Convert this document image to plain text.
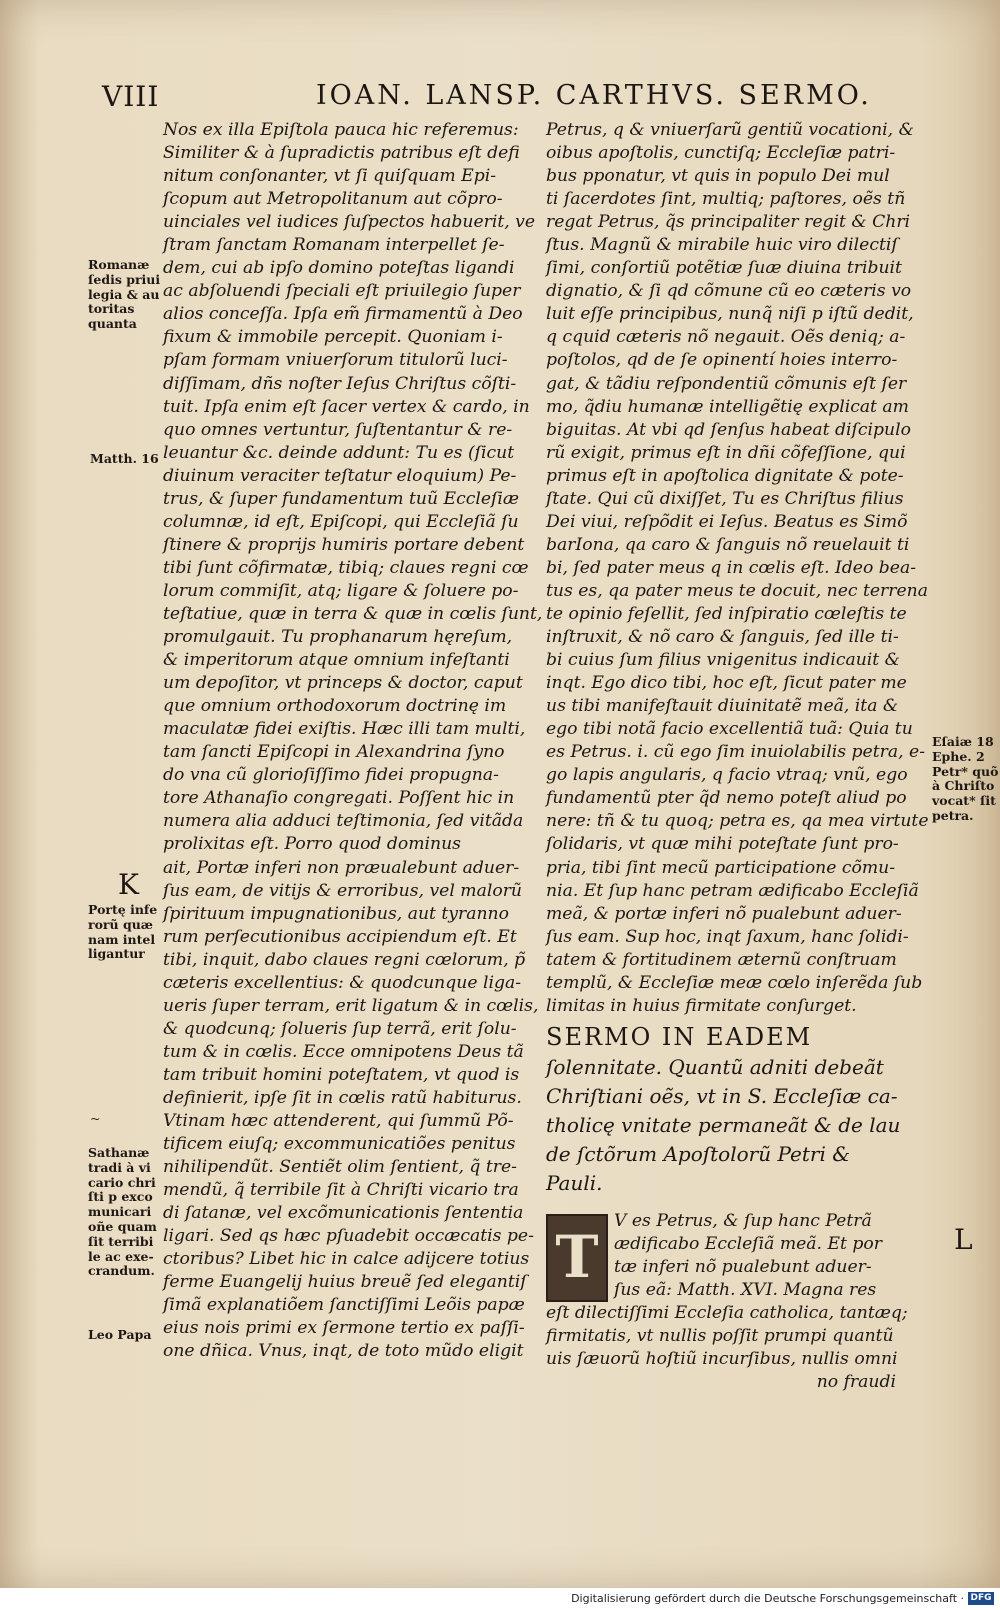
VIII	IOAN. LANSP. CARTHVS. SERMO.
Romanæ
ſedis priui
legia & au
toritas
quanta
Matth. 16
K
Portę infe
rorũ quæ
nam intel
ligantur
~
Sathanæ
tradi à vi
cario chri
ſti p exco
municari
oñe quam
ſit terribi
le ac exe-
crandum.
Leo Papa
Eſaiæ 18
Ephe. 2
Petr* quõ
à Chriſto
vocat* ſit
petra.
L
Nos ex illa Epiſtola pauca hic referemus:
Similiter & à ſupradictis patribus eſt defi
nitum conſonanter, vt ſi quiſquam Epi-
ſcopum aut Metropolitanum aut cõpro-
uinciales vel iudices ſuſpectos habuerit, ve
ſtram ſanctam Romanam interpellet ſe-
dem, cui ab ipſo domino poteſtas ligandi
ac abſoluendi ſpeciali eſt priuilegio ſuper
alios conceſſa. Ipſa em̃ firmamentũ à Deo
fixum & immobile percepit. Quoniam i-
pſam formam vniuerſorum titulorũ luci-
diſſimam, dñs noſter Ieſus Chriſtus cõſti-
tuit. Ipſa enim eſt ſacer vertex & cardo, in
quo omnes vertuntur, ſuſtentantur & re-
leuantur &c. deinde addunt: Tu es (ſicut
diuinum veraciter teſtatur eloquium) Pe-
trus, & ſuper fundamentum tuũ Eccleſiæ
columnæ, id eſt, Epiſcopi, qui Eccleſiã ſu
ſtinere & proprijs humiris portare debent
tibi ſunt cõfirmatæ, tibiq; claues regni cœ
lorum commiſit, atq; ligare & ſoluere po-
teſtatiue, quæ in terra & quæ in cœlis ſunt,
promulgauit. Tu prophanarum hęreſum,
& imperitorum atque omnium infeſtanti
um depoſitor, vt princeps & doctor, caput
que omnium orthodoxorum doctrinę im
maculatæ fidei exiſtis. Hæc illi tam multi,
tam ſancti Epiſcopi in Alexandrina ſyno
do vna cũ glorioſiſſimo fidei propugna-
tore Athanaſio congregati. Poſſent hic in
numera alia adduci teſtimonia, ſed vitãda
prolixitas eſt. Porro quod dominus
ait, Portæ inferi non præualebunt aduer-
ſus eam, de vitijs & erroribus, vel malorũ
ſpirituum impugnationibus, aut tyranno
rum perſecutionibus accipiendum eſt. Et
tibi, inquit, dabo claues regni cœlorum, p̃
cæteris excellentius: & quodcunque liga-
ueris ſuper terram, erit ligatum & in cœlis,
& quodcunq; ſolueris ſup terrã, erit ſolu-
tum & in cœlis. Ecce omnipotens Deus tã
tam tribuit homini poteſtatem, vt quod is
definierit, ipſe ſit in cœlis ratũ habiturus.
Vtinam hæc attenderent, qui ſummũ Põ-
tificem eiuſq; excommunicatiões penitus
nihilipendũt. Sentiẽt olim ſentient, q̃ tre-
mendũ, q̃ terribile ſit à Chriſti vicario tra
di ſatanæ, vel excõmunicationis ſententia
ligari. Sed qs hæc pſuadebit occæcatis pe-
ctoribus? Libet hic in calce adijcere totius
ferme Euangelij huius breuẽ ſed elegantiſ
ſimã explanatiõem ſanctiſſimi Leõis papæ
eius nois primi ex ſermone tertio ex paſſi-
one dñica. Vnus, inqt, de toto mũdo eligit
Petrus, q & vniuerſarũ gentiũ vocationi, &
oibus apoſtolis, cunctiſq; Eccleſiæ patri-
bus pponatur, vt quis in populo Dei mul
ti ſacerdotes ſint, multiq; paſtores, oẽs tñ
regat Petrus, q̃s principaliter regit & Chri
ſtus. Magnũ & mirabile huic viro dilectiſ
ſimi, conſortiũ potẽtiæ ſuæ diuina tribuit
dignatio, & ſi qd cõmune cũ eo cæteris vo
luit eſſe principibus, nunq̃ niſi p iſtũ dedit,
q cquid cæteris nõ negauit. Oẽs deniq; a-
poſtolos, qd de ſe opinentí hoies interro-
gat, & tãdiu reſpondentiũ cõmunis eſt ſer
mo, q̃diu humanæ intelligẽtię explicat am
biguitas. At vbi qd ſenſus habeat diſcipulo
rũ exigit, primus eſt in dñi cõfeſſione, qui
primus eſt in apoſtolica dignitate & pote-
ſtate. Qui cũ dixiſſet, Tu es Chriſtus filius
Dei viui, reſpõdit ei Ieſus. Beatus es Simõ
barIona, qa caro & ſanguis nõ reuelauit ti
bi, ſed pater meus q in cœlis eſt. Ideo bea-
tus es, qa pater meus te docuit, nec terrena
te opinio feſellit, ſed inſpiratio cœleſtis te
inſtruxit, & nõ caro & ſanguis, ſed ille ti-
bi cuius ſum filius vnigenitus indicauit &
inqt. Ego dico tibi, hoc eſt, ſicut pater me
us tibi manifeſtauit diuinitatẽ meã, ita &
ego tibi notã facio excellentiã tuã: Quia tu
es Petrus. i. cũ ego ſim inuiolabilis petra, e-
go lapis angularis, q facio vtraq; vnũ, ego
fundamentũ pter q̃d nemo poteſt aliud po
nere: tñ & tu quoq; petra es, qa mea virtute
ſolidaris, vt quæ mihi poteſtate ſunt pro-
pria, tibi ſint mecũ participatione cõmu-
nia. Et ſup hanc petram ædificabo Eccleſiã
meã, & portæ inferi nõ pualebunt aduer-
ſus eam. Sup hoc, inqt ſaxum, hanc ſolidi-
tatem & fortitudinem æternũ conſtruam
templũ, & Eccleſiæ meæ cœlo inſerẽda ſub
limitas in huius firmitate conſurget.
SERMO IN EADEM
ſolennitate. Quantũ adniti debeãt
Chriſtiani oẽs, vt in S. Eccleſiæ ca-
tholicę vnitate permaneãt & de lau
de ſctõrum Apoſtolorũ Petri &
Pauli.
T
V es Petrus, & ſup hanc Petrã
ædificabo Eccleſiã meã. Et por
tæ inferi nõ pualebunt aduer-
ſus eã: Matth. XVI. Magna res
eſt dilectiſſimi Eccleſia catholica, tantæq;
firmitatis, vt nullis poſſit prumpi quantũ
uis ſæuorũ hoſtiũ incurſibus, nullis omni
no fraudi
Digitalisierung gefördert durch die Deutsche Forschungsgemeinschaft · DFG
